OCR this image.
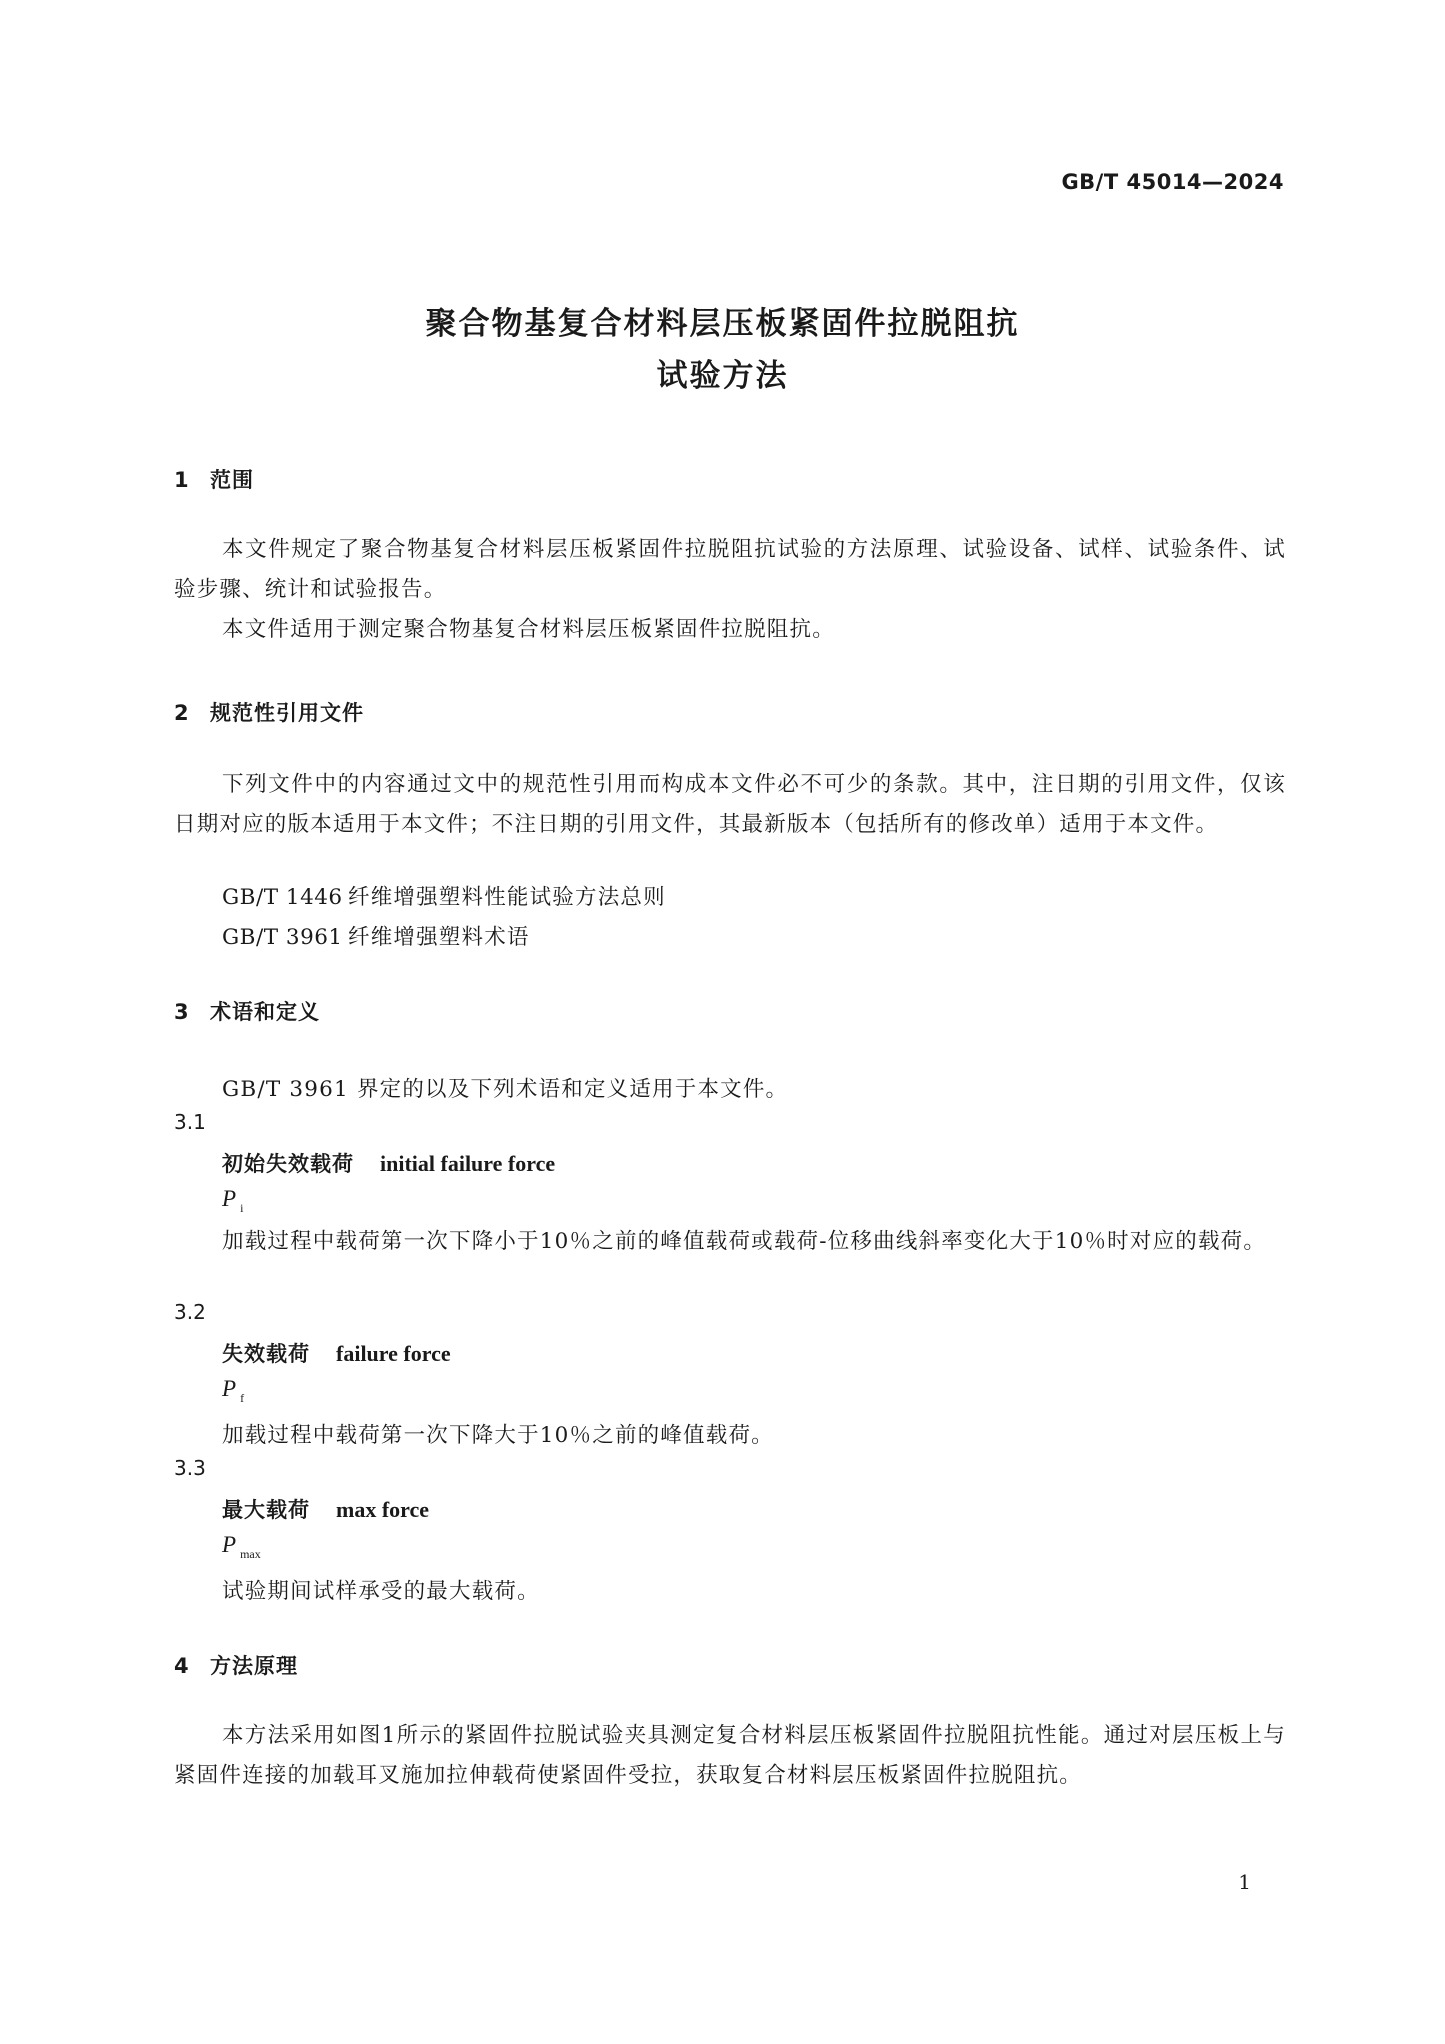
GB/T 45014—2024
聚合物基复合材料层压板紧固件拉脱阻抗
试验方法
1 范围

本文件规定了聚合物基复合材料层压板紧固件拉脱阻抗试验的方法原理、试验设备、试样、试验条件、试验步骤、统计和试验报告。

本文件适用于测定聚合物基复合材料层压板紧固件拉脱阻抗。

2 规范性引用文件

下列文件中的内容通过文中的规范性引用而构成本文件必不可少的条款。其中，注日期的引用文件，仅该日期对应的版本适用于本文件；不注日期的引用文件，其最新版本（包括所有的修改单）适用于本文件。

GB/T 1446 纤维增强塑料性能试验方法总则
GB/T 3961 纤维增强塑料术语
3 术语和定义
GB/T 3961 界定的以及下列术语和定义适用于本文件。
3.1
初始失效载荷 initial failure force
P $_i$

加载过程中载荷第一次下降小于10％之前的峰值载荷或载荷-位移曲线斜率变化大于10％时对应的载荷。

3.2
失效载荷 failure force
P $_f$
加载过程中载荷第一次下降大于10％之前的峰值载荷。
3.3
最大载荷 max force
P $_{max}$
试验期间试样承受的最大载荷。
4 方法原理

本方法采用如图1所示的紧固件拉脱试验夹具测定复合材料层压板紧固件拉脱阻抗性能。通过对层压板上与紧固件连接的加载耳叉施加拉伸载荷使紧固件受拉，获取复合材料层压板紧固件拉脱阻抗。

1
